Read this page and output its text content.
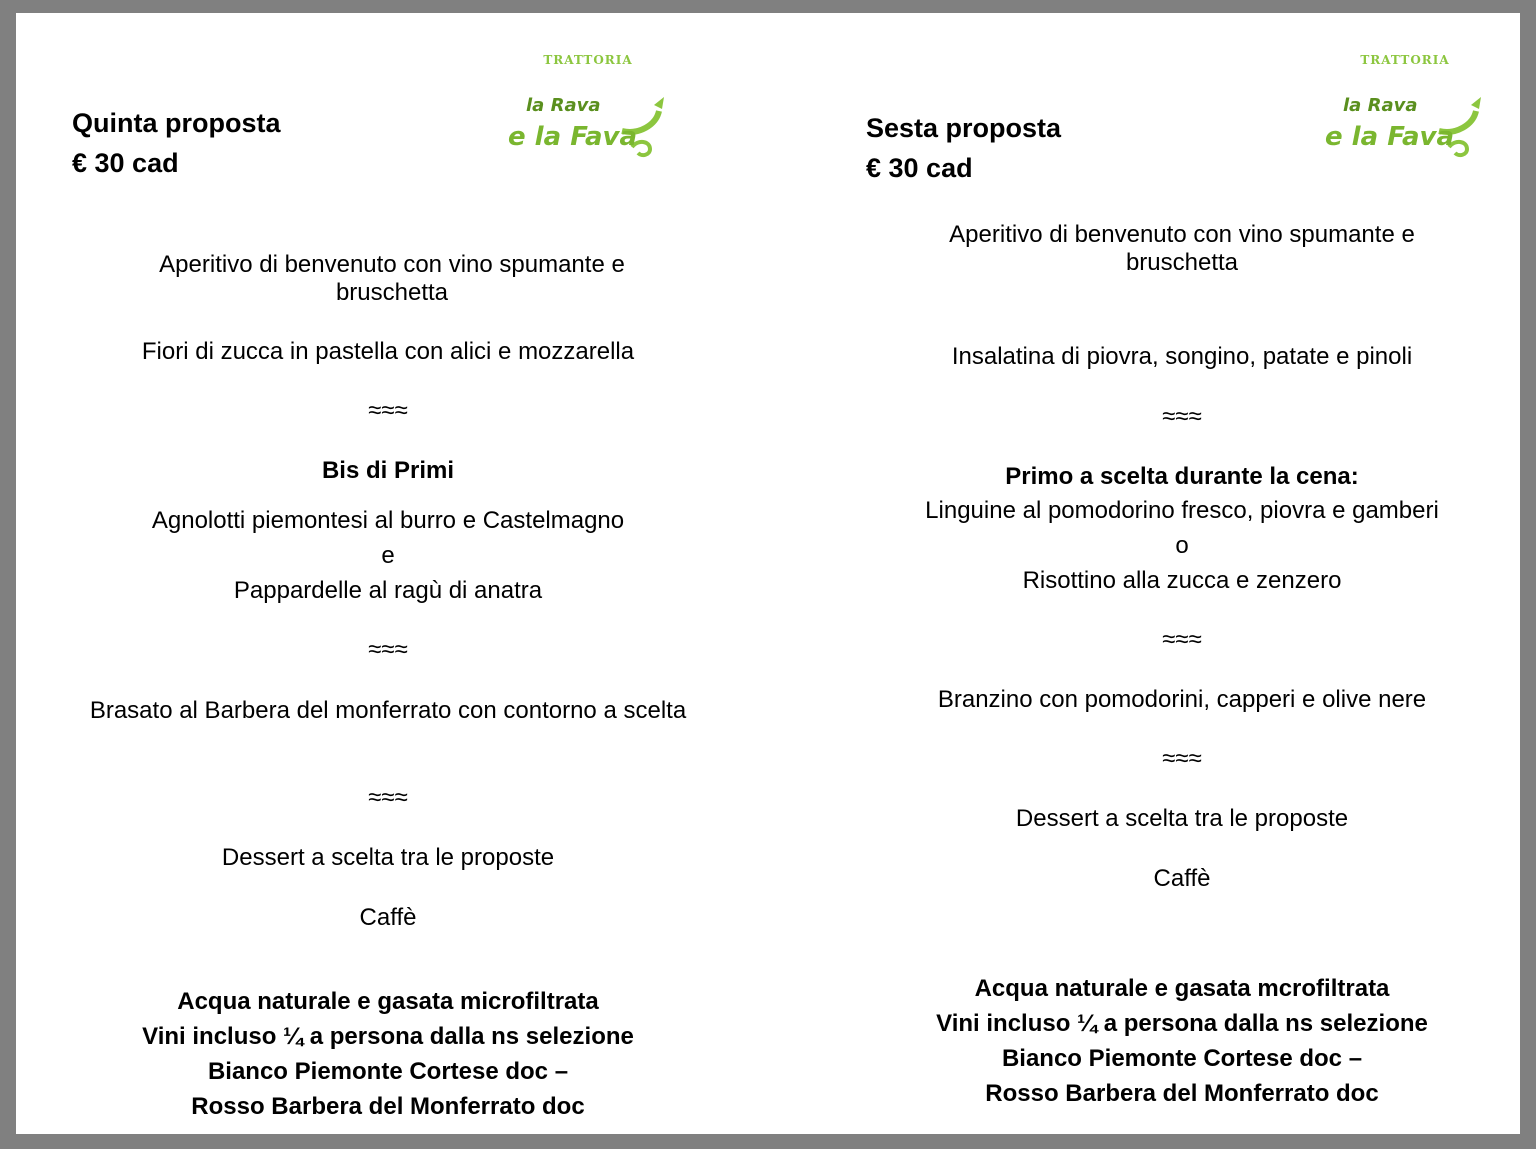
Quinta proposta
€ 30 cad
TRATTORIA
la Rava
e la Fava
Aperitivo di benvenuto con vino spumante e bruschetta
Fiori di zucca in pastella con alici e mozzarella
≈≈≈
Bis di Primi
Agnolotti piemontesi al burro e Castelmagno
e
Pappardelle al ragù di anatra
≈≈≈
Brasato al Barbera del monferrato con contorno a scelta
≈≈≈
Dessert a scelta tra le proposte
Caffè
Acqua naturale e gasata microfiltrata
Vini incluso ¼ a persona dalla ns selezione
Bianco Piemonte Cortese doc –
Rosso Barbera del Monferrato doc
Sesta proposta
€ 30 cad
TRATTORIA
la Rava
e la Fava
Aperitivo di benvenuto con vino spumante e bruschetta
Insalatina di piovra, songino, patate e pinoli
≈≈≈
Primo a scelta durante la cena:
Linguine al pomodorino fresco, piovra e gamberi
o
Risottino alla zucca e zenzero
≈≈≈
Branzino con pomodorini, capperi e olive nere
≈≈≈
Dessert a scelta tra le proposte
Caffè
Acqua naturale e gasata mcrofiltrata
Vini incluso ¼ a persona dalla ns selezione
Bianco Piemonte Cortese doc –
Rosso Barbera del Monferrato doc
